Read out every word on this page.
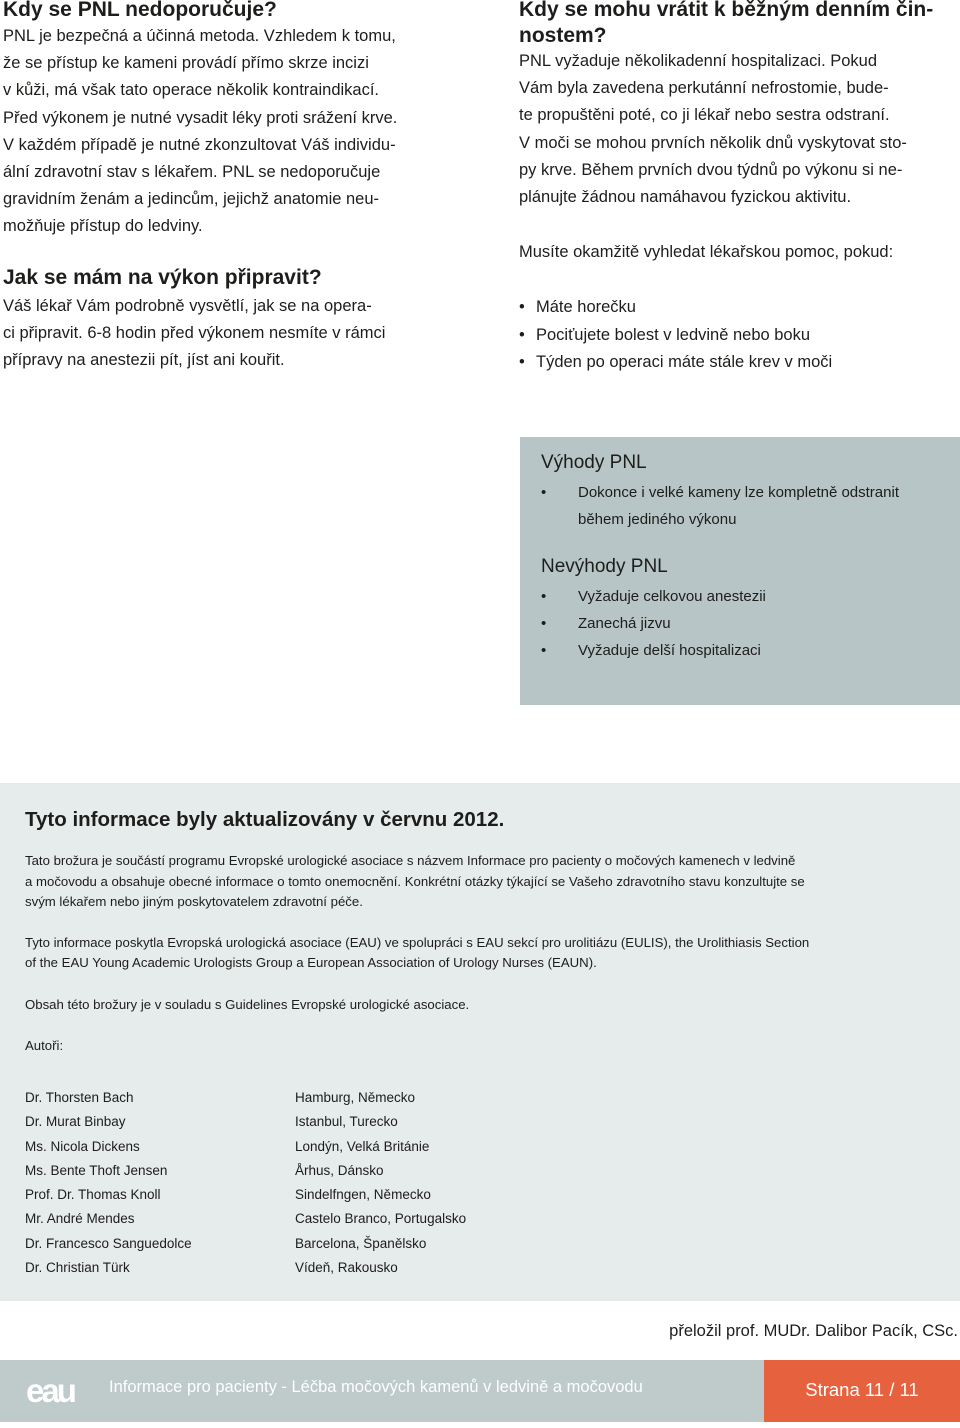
Kdy se PNL nedoporučuje?

PNL je bezpečná a účinná metoda. Vzhledem k tomu,

že se přístup ke kameni provádí přímo skrze incizi

v kůži, má však tato operace několik kontraindikací.

Před výkonem je nutné vysadit léky proti srážení krve.

V každém případě je nutné zkonzultovat Váš individu-

ální zdravotní stav s lékařem. PNL se nedoporučuje

gravidním ženám a jedincům, jejichž anatomie neu-

možňuje přístup do ledviny.

Jak se mám na výkon připravit?

Váš lékař Vám podrobně vysvětlí, jak se na opera-

ci připravit. 6-8 hodin před výkonem nesmíte v rámci

přípravy na anestezii pít, jíst ani kouřit.

Kdy se mohu vrátit k běžným denním čin-
nostem?

PNL vyžaduje několikadenní hospitalizaci. Pokud

Vám byla zavedena perkutánní nefrostomie, bude-

te propuštěni poté, co ji lékař nebo sestra odstraní.

V moči se mohou prvních několik dnů vyskytovat sto-

py krve. Během prvních dvou týdnů po výkonu si ne-

plánujte žádnou namáhavou fyzickou aktivitu.

Musíte okamžitě vyhledat lékařskou pomoc, pokud:

• Máte horečku
• Pociťujete bolest v ledvině nebo boku
• Týden po operaci máte stále krev v moči
Výhody PNL
• Dokonce i velké kameny lze kompletně odstranit
během jediného výkonu
Nevýhody PNL
• Vyžaduje celkovou anestezii
• Zanechá jizvu
• Vyžaduje delší hospitalizaci

Tyto informace byly aktualizovány v červnu 2012.

Tato brožura je součástí programu Evropské urologické asociace s názvem Informace pro pacienty o močových kamenech v ledvině

a močovodu a obsahuje obecné informace o tomto onemocnění. Konkrétní otázky týkající se Vašeho zdravotního stavu konzultujte se

svým lékařem nebo jiným poskytovatelem zdravotní péče.

Tyto informace poskytla Evropská urologická asociace (EAU) ve spolupráci s EAU sekcí pro urolitiázu (EULIS), the Urolithiasis Section

of the EAU Young Academic Urologists Group a European Association of Urology Nurses (EAUN).

Obsah této brožury je v souladu s Guidelines Evropské urologické asociace.

Autoři:

Dr. Thorsten Bach	Hamburg, Německo
Dr. Murat Binbay	Istanbul, Turecko
Ms. Nicola Dickens	Londýn, Velká Británie
Ms. Bente Thoft Jensen	Århus, Dánsko
Prof. Dr. Thomas Knoll	Sindelfngen, Německo
Mr. André Mendes	Castelo Branco, Portugalsko
Dr. Francesco Sanguedolce	Barcelona, Španělsko
Dr. Christian Türk	Vídeň, Rakousko
přeložil prof. MUDr. Dalibor Pacík, CSc.
eau Informace pro pacienty - Léčba močových kamenů v ledvině a močovodu	Strana 11 / 11
